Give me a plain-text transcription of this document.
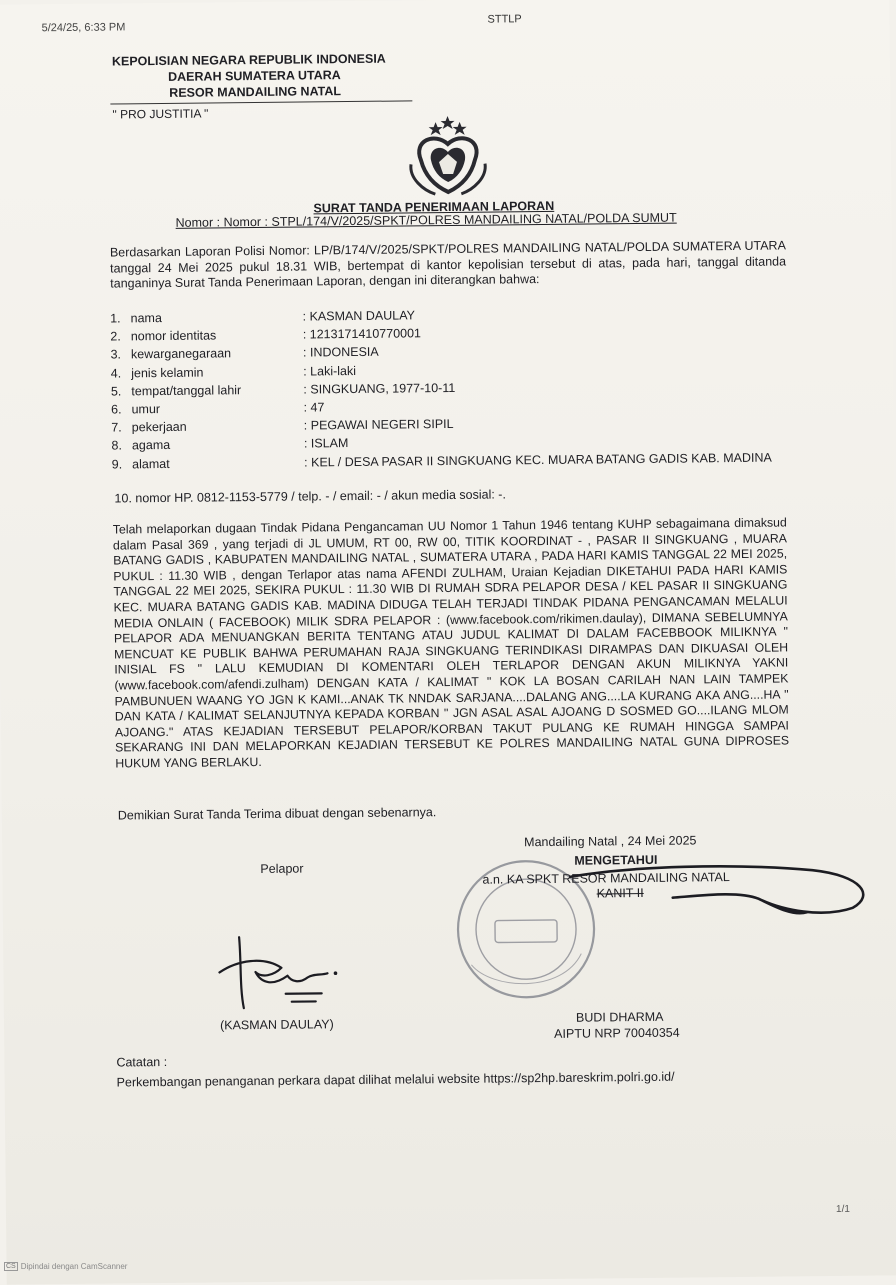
5/24/25, 6:33 PM
STTLP
KEPOLISIAN NEGARA REPUBLIK INDONESIA
DAERAH SUMATERA UTARA
RESOR MANDAILING NATAL
" PRO JUSTITIA "
SURAT TANDA PENERIMAAN LAPORAN
Nomor : Nomor : STPL/174/V/2025/SPKT/POLRES MANDAILING NATAL/POLDA SUMUT
Berdasarkan Laporan Polisi Nomor: LP/B/174/V/2025/SPKT/POLRES MANDAILING NATAL/POLDA SUMATERA UTARA tanggal 24 Mei 2025 pukul 18.31 WIB, bertempat di kantor kepolisian tersebut di atas, pada hari, tanggal ditanda tanganinya Surat Tanda Penerimaan Laporan, dengan ini diterangkan bahwa:
1. nama	: KASMAN DAULAY
2. nomor identitas	: 1213171410770001
3. kewarganegaraan	: INDONESIA
4. jenis kelamin	: Laki-laki
5. tempat/tanggal lahir	: SINGKUANG, 1977-10-11
6. umur	: 47
7. pekerjaan	: PEGAWAI NEGERI SIPIL
8. agama	: ISLAM
9. alamat	: KEL / DESA PASAR II SINGKUANG KEC. MUARA BATANG GADIS KAB. MADINA
10. nomor HP. 0812-1153-5779 / telp. - / email: - / akun media sosial: -.
Telah melaporkan dugaan Tindak Pidana Pengancaman UU Nomor 1 Tahun 1946 tentang KUHP sebagaimana dimaksud dalam Pasal 369 , yang terjadi di JL UMUM, RT 00, RW 00, TITIK KOORDINAT - , PASAR II SINGKUANG , MUARA BATANG GADIS , KABUPATEN MANDAILING NATAL , SUMATERA UTARA , PADA HARI KAMIS TANGGAL 22 MEI 2025, PUKUL : 11.30 WIB , dengan Terlapor atas nama AFENDI ZULHAM, Uraian Kejadian DIKETAHUI PADA HARI KAMIS TANGGAL 22 MEI 2025, SEKIRA PUKUL : 11.30 WIB DI RUMAH SDRA PELAPOR DESA / KEL PASAR II SINGKUANG KEC. MUARA BATANG GADIS KAB. MADINA DIDUGA TELAH TERJADI TINDAK PIDANA PENGANCAMAN MELALUI MEDIA ONLAIN ( FACEBOOK) MILIK SDRA PELAPOR : (www.facebook.com/rikimen.daulay), DIMANA SEBELUMNYA PELAPOR ADA MENUANGKAN BERITA TENTANG ATAU JUDUL KALIMAT DI DALAM FACEBBOOK MILIKNYA " MENCUAT KE PUBLIK BAHWA PERUMAHAN RAJA SINGKUANG TERINDIKASI DIRAMPAS DAN DIKUASAI OLEH INISIAL FS " LALU KEMUDIAN DI KOMENTARI OLEH TERLAPOR DENGAN AKUN MILIKNYA YAKNI (www.facebook.com/afendi.zulham) DENGAN KATA / KALIMAT " KOK LA BOSAN CARILAH NAN LAIN TAMPEK PAMBUNUEN WAANG YO JGN K KAMI...ANAK TK NNDAK SARJANA....DALANG ANG....LA KURANG AKA ANG....HA " DAN KATA / KALIMAT SELANJUTNYA KEPADA KORBAN " JGN ASAL ASAL AJOANG D SOSMED GO....ILANG MLOM AJOANG." ATAS KEJADIAN TERSEBUT PELAPOR/KORBAN TAKUT PULANG KE RUMAH HINGGA SAMPAI SEKARANG INI DAN MELAPORKAN KEJADIAN TERSEBUT KE POLRES MANDAILING NATAL GUNA DIPROSES HUKUM YANG BERLAKU.
Demikian Surat Tanda Terima dibuat dengan sebenarnya.
Mandailing Natal , 24 Mei 2025
Pelapor
MENGETAHUI
a.n. KA SPKT RESOR MANDAILING NATAL
KANIT II
(KASMAN DAULAY)	BUDI DHARMA
AIPTU NRP 70040354
Catatan :
Perkembangan penanganan perkara dapat dilihat melalui website https://sp2hp.bareskrim.polri.go.id/
1/1
CS Dipindai dengan CamScanner
